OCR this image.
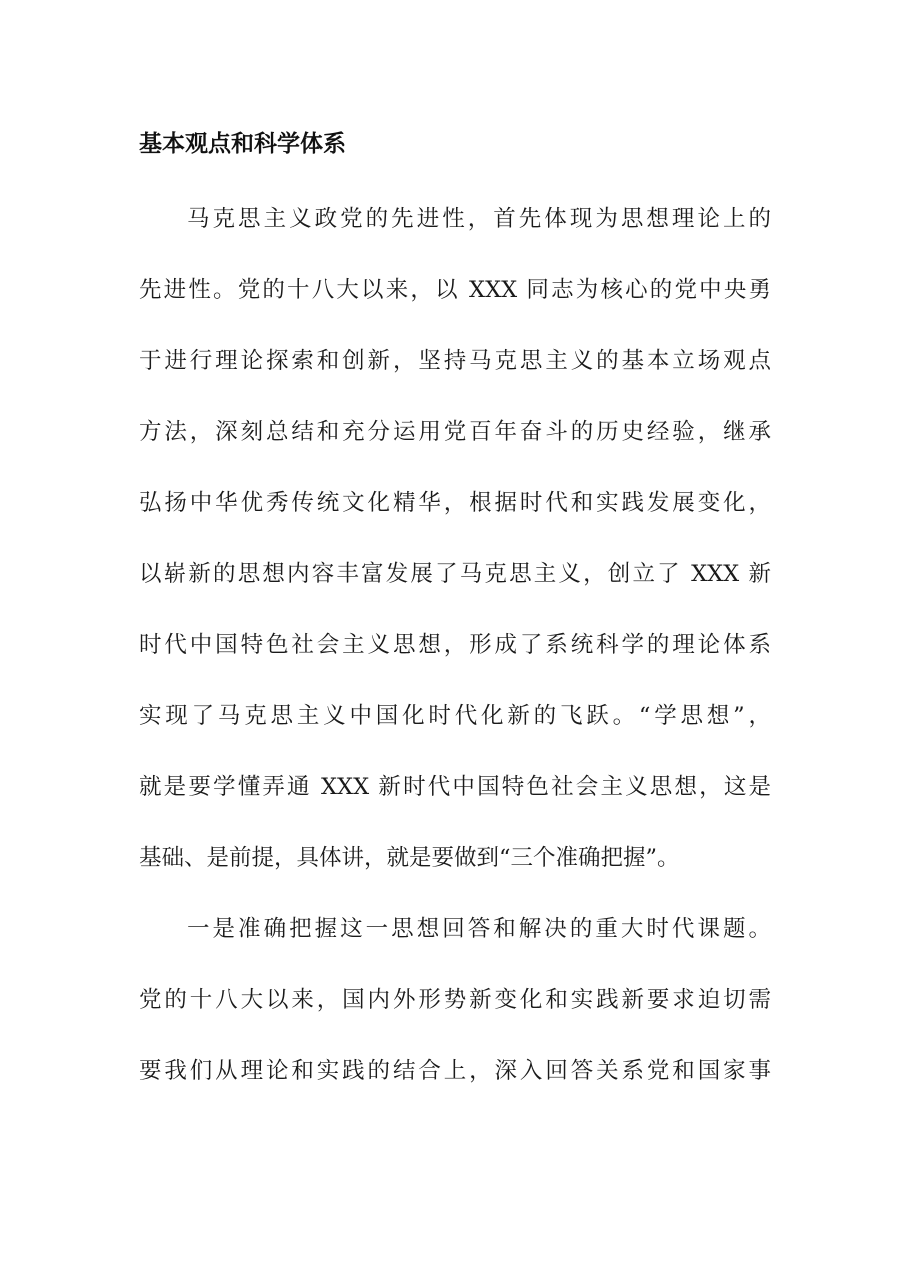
基本观点和科学体系
马克思主义政党的先进性，首先体现为思想理论上的
先进性。党的十八大以来，以 XXX 同志为核心的党中央勇
于进行理论探索和创新，坚持马克思主义的基本立场观点
方法，深刻总结和充分运用党百年奋斗的历史经验，继承
弘扬中华优秀传统文化精华，根据时代和实践发展变化，
以崭新的思想内容丰富发展了马克思主义，创立了 XXX 新
时代中国特色社会主义思想，形成了系统科学的理论体系
实现了马克思主义中国化时代化新的飞跃。“学思想”，
就是要学懂弄通 XXX 新时代中国特色社会主义思想，这是
基础、是前提，具体讲，就是要做到“三个准确把握”。
一是准确把握这一思想回答和解决的重大时代课题。
党的十八大以来，国内外形势新变化和实践新要求迫切需
要我们从理论和实践的结合上，深入回答关系党和国家事
